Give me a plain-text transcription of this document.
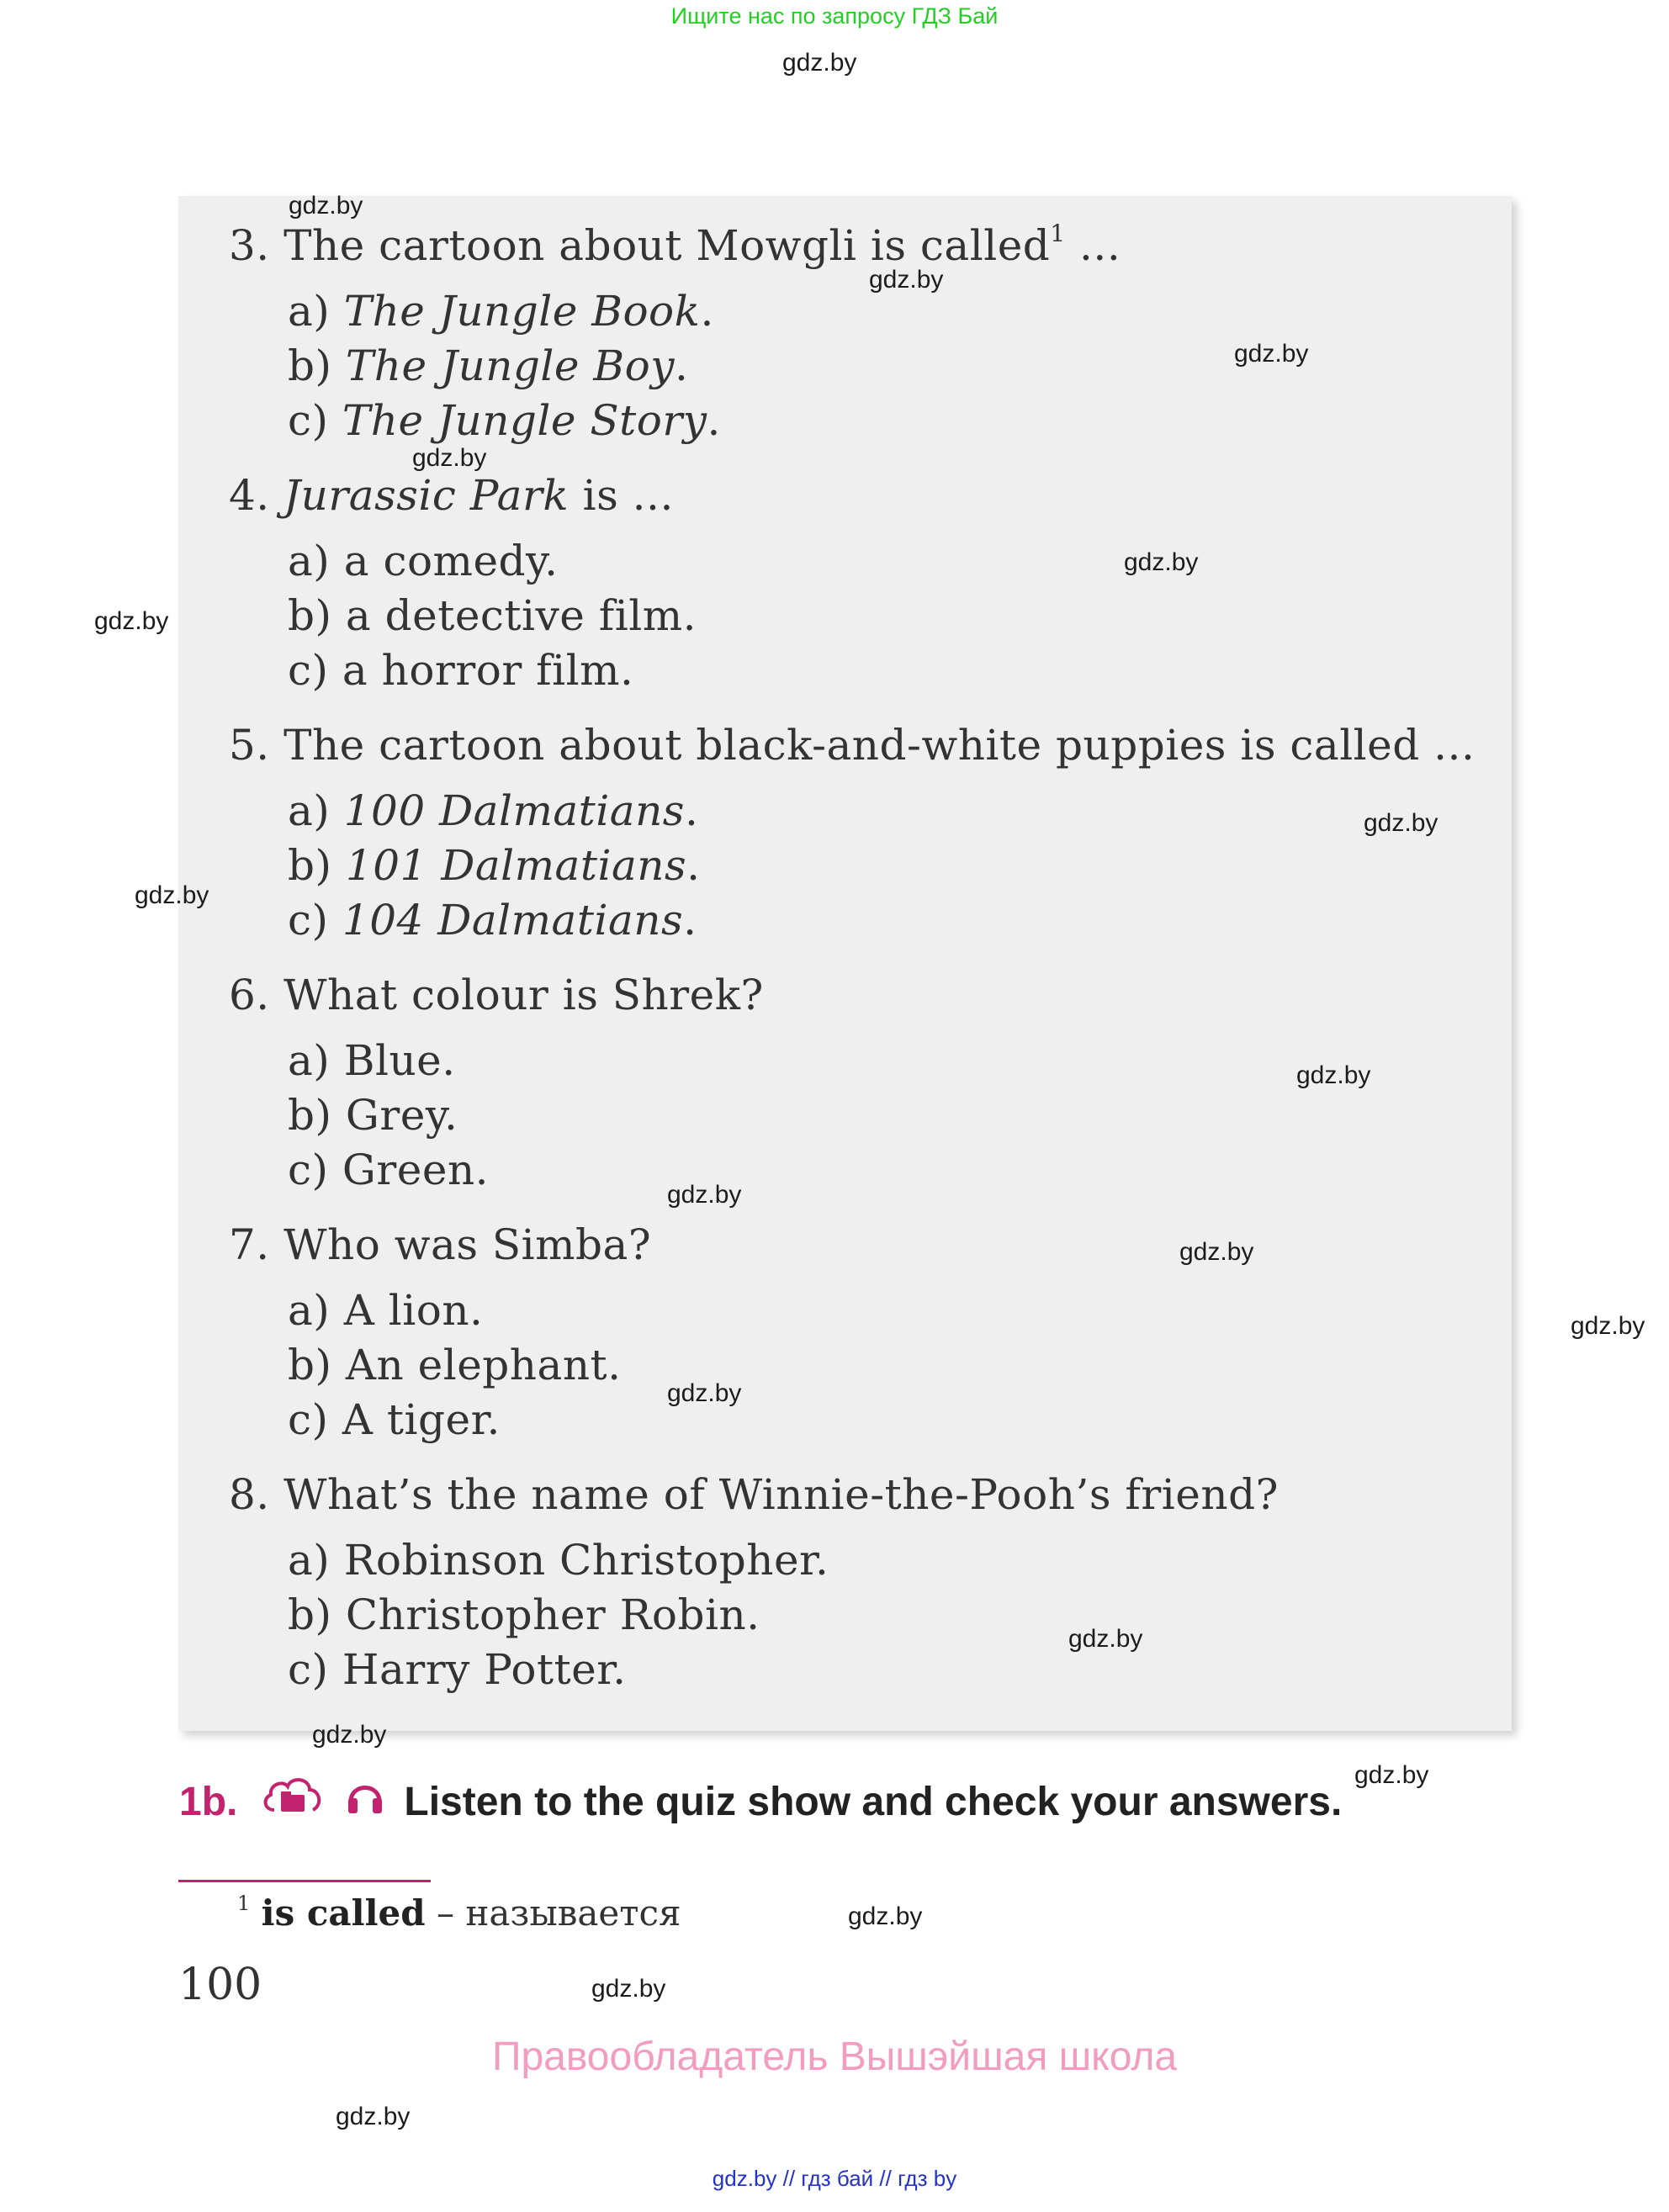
Ищите нас по запросу ГДЗ Бай
gdz.by
3. The cartoon about Mowgli is called$^1$ ...
a) The Jungle Book.
b) The Jungle Boy.
c) The Jungle Story.
4. Jurassic Park is ...
a) a comedy.
b) a detective film.
c) a horror film.
5. The cartoon about black-and-white puppies is called ...
a) 100 Dalmatians.
b) 101 Dalmatians.
c) 104 Dalmatians.
6. What colour is Shrek?
a) Blue.
b) Grey.
c) Green.
7. Who was Simba?
a) A lion.
b) An elephant.
c) A tiger.
8. What’s the name of Winnie-the-Pooh’s friend?
a) Robinson Christopher.
b) Christopher Robin.
c) Harry Potter.
1b.	Listen to the quiz show and check your answers.
$^1$ is called – называется
100
Правообладатель Вышэйшая школа
gdz.by // гдз бай // гдз by
gdz.by
gdz.by
gdz.by
gdz.by
gdz.by
gdz.by
gdz.by
gdz.by
gdz.by
gdz.by
gdz.by
gdz.by
gdz.by
gdz.by
gdz.by
gdz.by
gdz.by
gdz.by
gdz.by
